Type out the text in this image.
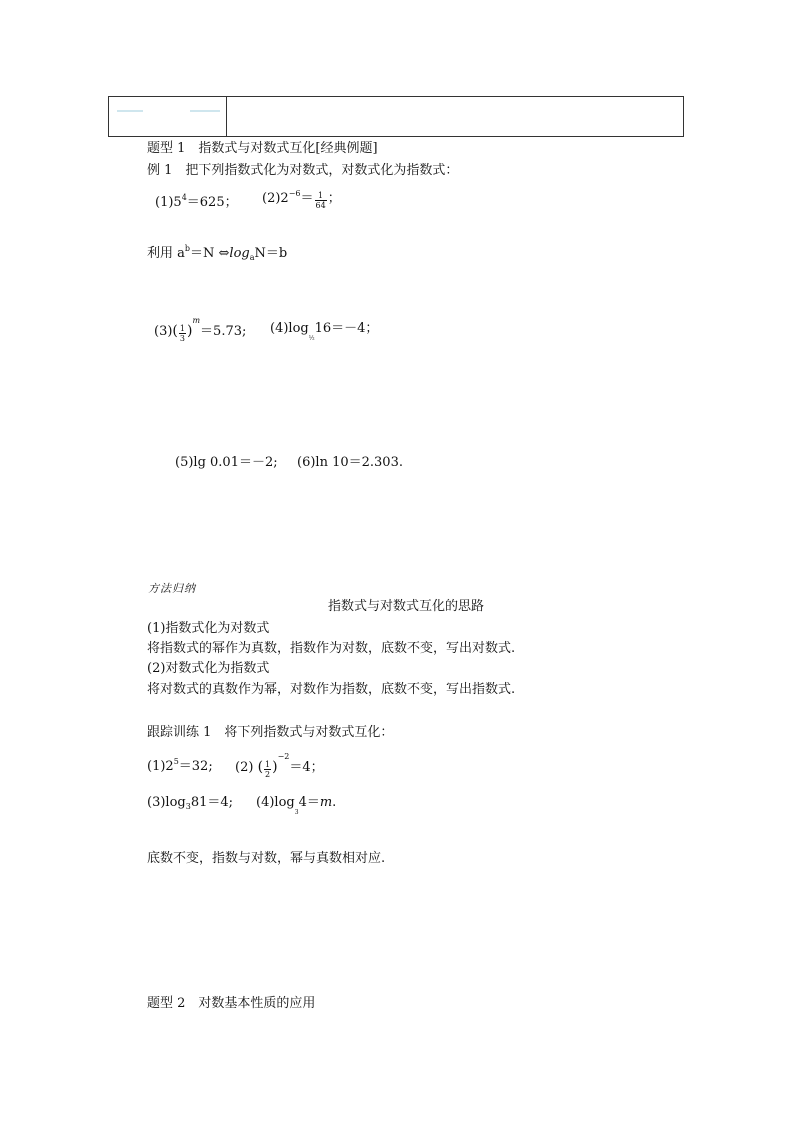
题型 1　指数式与对数式互化[经典例题]
例 1　 把下列指数式化为对数式，对数式化为指数式：
$(1)5^4=625$； $(2)2^{-6}= \frac{1}{64}$ ；
利用 $a^b=N$ $\Leftrightarrow\log_aN=b$
$(3)( \frac{1}{3} )^m=5.73$; $(4)\log_{\frac{1}{2}}16=-4$；
(5)lg 0.01＝－2; (6)ln 10＝2.303.
方法归纳
指数式与对数式互化的思路
(1)指数式化为对数式
将指数式的幂作为真数，指数作为对数，底数不变，写出对数式.
(2)对数式化为指数式
将对数式的真数作为幂，对数作为指数，底数不变，写出指数式.
跟踪训练 1　 将下列指数式与对数式互化：
$(1)2^5=32$; (2) ( $\frac{1}{2} )^{-2}=4$；
$(3)\log_381=4$; $(4)\log_34=m$.
底数不变，指数与对数，幂与真数相对应.
题型 2　对数基本性质的应用
